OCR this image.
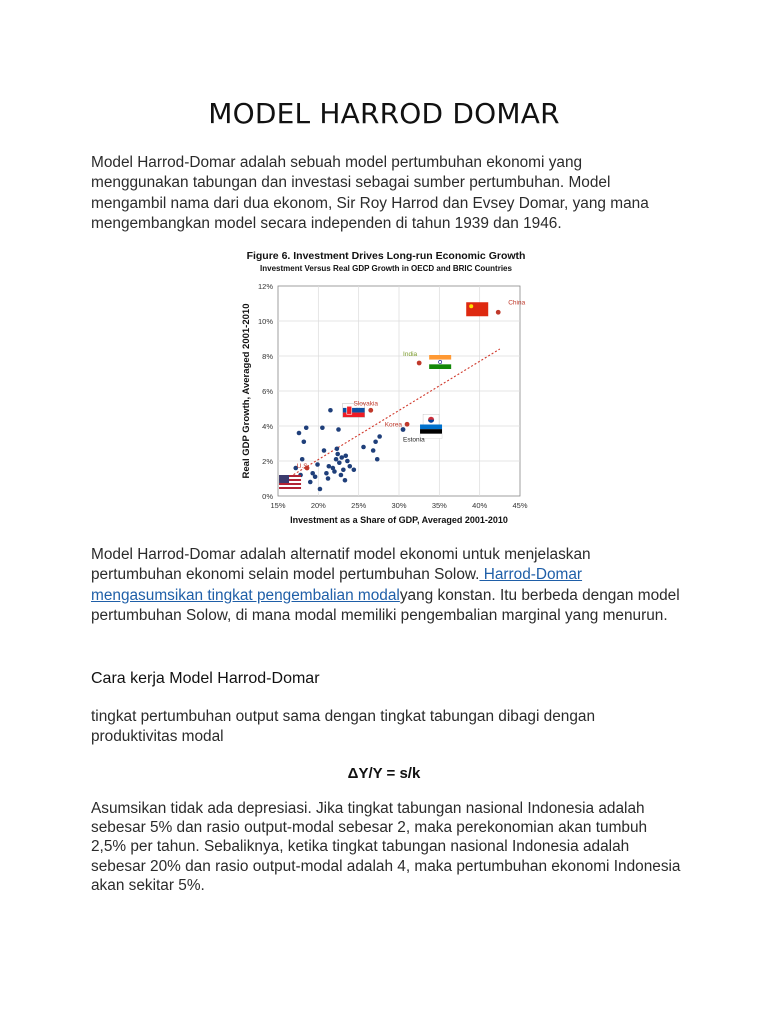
MODEL HARROD DOMAR

Model Harrod-Domar adalah sebuah model pertumbuhan ekonomi yang menggunakan tabungan dan investasi sebagai sumber pertumbuhan. Model mengambil nama dari dua ekonom, Sir Roy Harrod dan Evsey Domar, yang mana mengembangkan model secara independen di tahun 1939 dan 1946.

Figure 6. Investment Drives Long-run Economic Growth
Investment Versus Real GDP Growth in OECD and BRIC Countries
15%	20%	25%	30%	35%	40%	45%
0%
2%
4%
6%
8%
10%
12%
Investment as a Share of GDP, Averaged 2001-2010
Real GDP Growth, Averaged 2001-2010
China
India
Slovakia
Korea
Estonia
U.S.

Model Harrod-Domar adalah alternatif model ekonomi untuk menjelaskan pertumbuhan ekonomi selain model pertumbuhan Solow. Harrod-Domar mengasumsikan tingkat pengembalian modalyang konstan. Itu berbeda dengan model pertumbuhan Solow, di mana modal memiliki pengembalian marginal yang menurun.

Cara kerja Model Harrod-Domar

tingkat pertumbuhan output sama dengan tingkat tabungan dibagi dengan produktivitas modal

ΔY/Y = s/k

Asumsikan tidak ada depresiasi. Jika tingkat tabungan nasional Indonesia adalah sebesar 5% dan rasio output-modal sebesar 2, maka perekonomian akan tumbuh 2,5% per tahun. Sebaliknya, ketika tingkat tabungan nasional Indonesia adalah sebesar 20% dan rasio output-modal adalah 4, maka pertumbuhan ekonomi Indonesia akan sekitar 5%.
